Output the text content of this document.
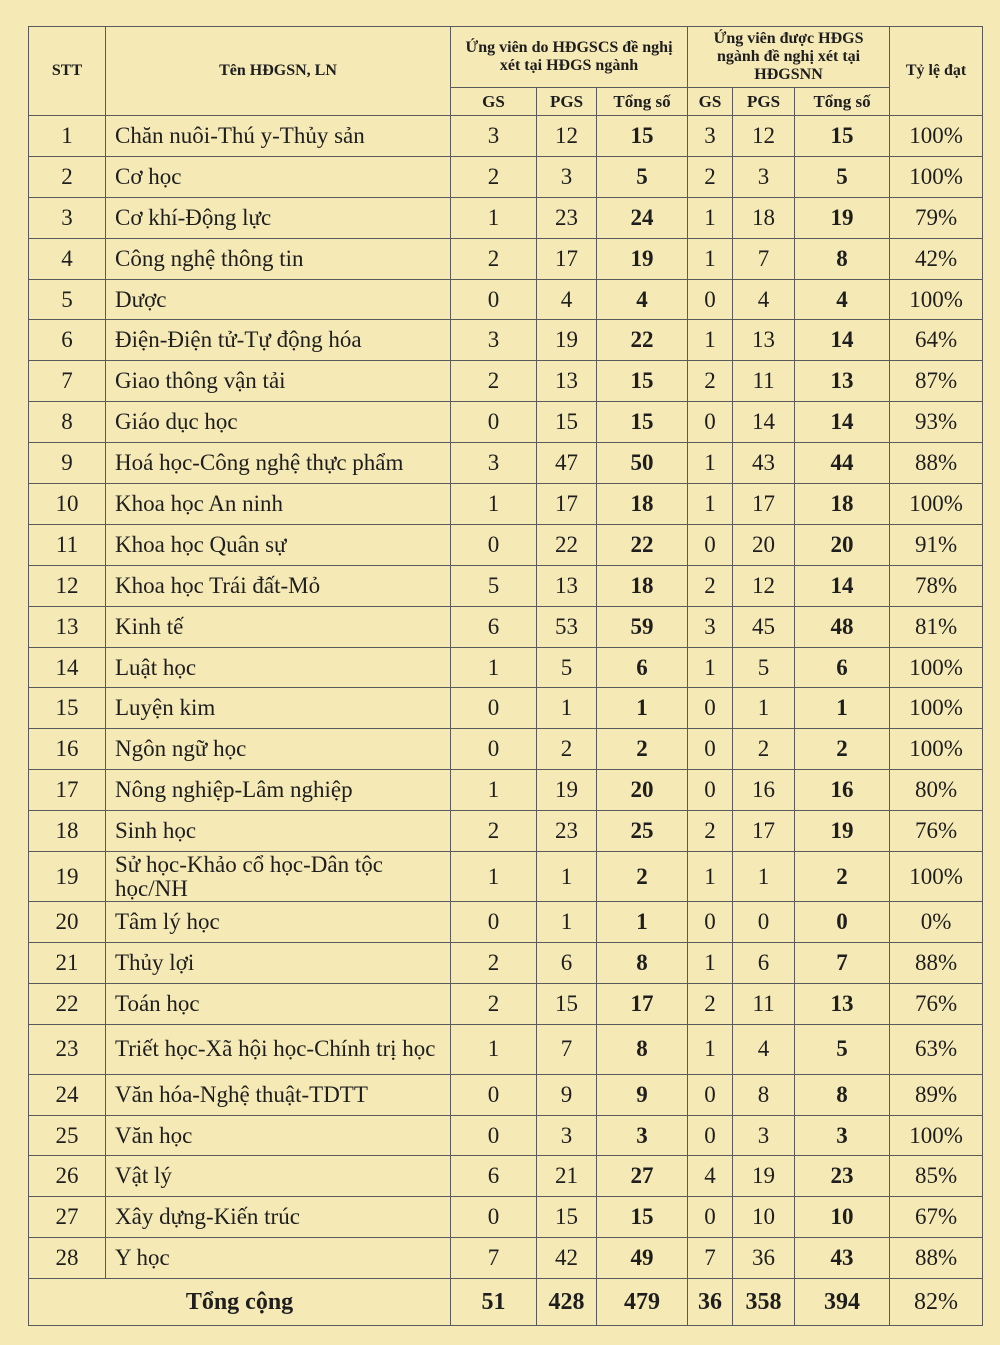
STT	Tên HĐGSN, LN	Ứng viên do HĐGSCS đề nghị xét tại HĐGS ngành			Ứng viên được HĐGS ngành đề nghị xét tại HĐGSNN			Tỷ lệ đạt
		GS	PGS	Tổng số	GS	PGS	Tổng số	
1	Chăn nuôi-Thú y-Thủy sản	3	12	15	3	12	15	100%
2	Cơ học	2	3	5	2	3	5	100%
3	Cơ khí-Động lực	1	23	24	1	18	19	79%
4	Công nghệ thông tin	2	17	19	1	7	8	42%
5	Dược	0	4	4	0	4	4	100%
6	Điện-Điện tử-Tự động hóa	3	19	22	1	13	14	64%
7	Giao thông vận tải	2	13	15	2	11	13	87%
8	Giáo dục học	0	15	15	0	14	14	93%
9	Hoá học-Công nghệ thực phẩm	3	47	50	1	43	44	88%
10	Khoa học An ninh	1	17	18	1	17	18	100%
11	Khoa học Quân sự	0	22	22	0	20	20	91%
12	Khoa học Trái đất-Mỏ	5	13	18	2	12	14	78%
13	Kinh tế	6	53	59	3	45	48	81%
14	Luật học	1	5	6	1	5	6	100%
15	Luyện kim	0	1	1	0	1	1	100%
16	Ngôn ngữ học	0	2	2	0	2	2	100%
17	Nông nghiệp-Lâm nghiệp	1	19	20	0	16	16	80%
18	Sinh học	2	23	25	2	17	19	76%
19	Sử học-Khảo cổ học-Dân tộc học/NH	1	1	2	1	1	2	100%
20	Tâm lý học	0	1	1	0	0	0	0%
21	Thủy lợi	2	6	8	1	6	7	88%
22	Toán học	2	15	17	2	11	13	76%
23	Triết học-Xã hội học-Chính trị học	1	7	8	1	4	5	63%
24	Văn hóa-Nghệ thuật-TDTT	0	9	9	0	8	8	89%
25	Văn học	0	3	3	0	3	3	100%
26	Vật lý	6	21	27	4	19	23	85%
27	Xây dựng-Kiến trúc	0	15	15	0	10	10	67%
28	Y học	7	42	49	7	36	43	88%
Tổng cộng		51	428	479	36	358	394	82%
